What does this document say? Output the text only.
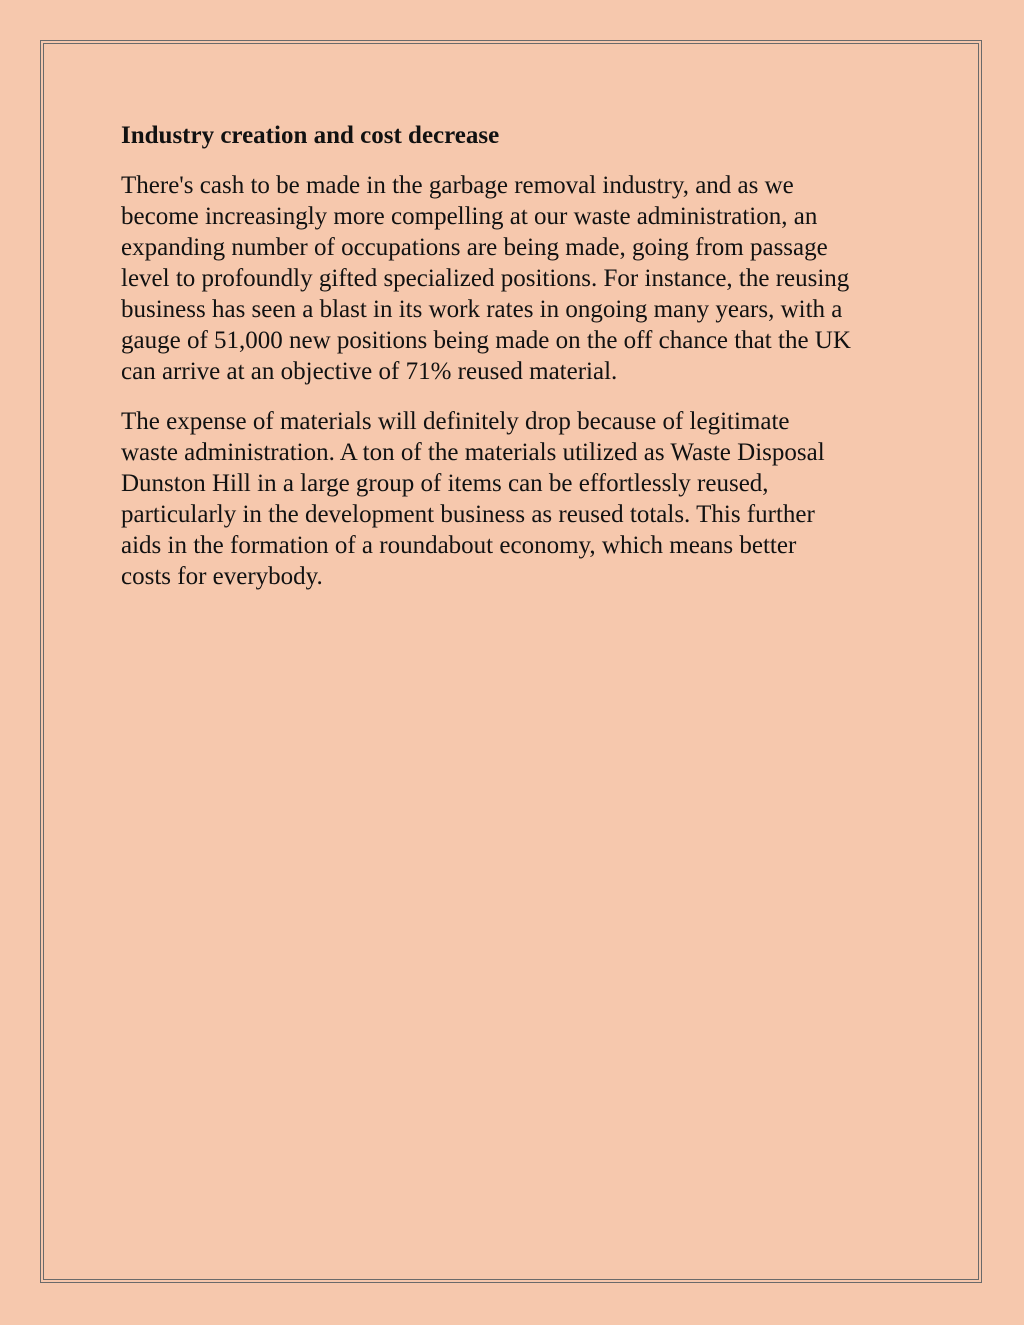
Industry creation and cost decrease

There's cash to be made in the garbage removal industry, and as we
become increasingly more compelling at our waste administration, an
expanding number of occupations are being made, going from passage
level to profoundly gifted specialized positions. For instance, the reusing
business has seen a blast in its work rates in ongoing many years, with a
gauge of 51,000 new positions being made on the off chance that the UK
can arrive at an objective of 71% reused material.

The expense of materials will definitely drop because of legitimate
waste administration. A ton of the materials utilized as Waste Disposal
Dunston Hill in a large group of items can be effortlessly reused,
particularly in the development business as reused totals. This further
aids in the formation of a roundabout economy, which means better
costs for everybody.
